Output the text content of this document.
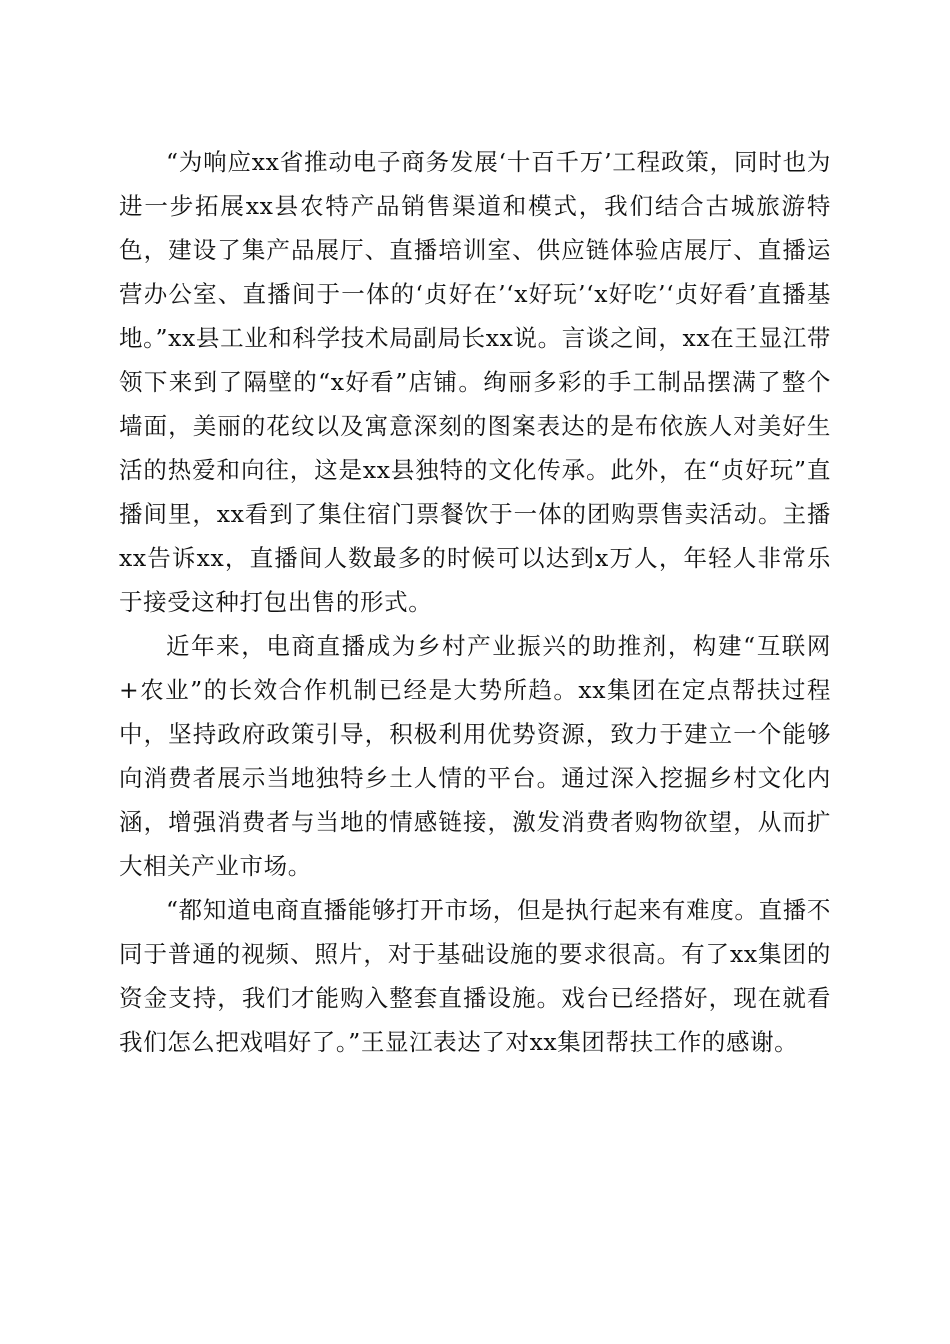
“为响应xx省推动电子商务发展‘十百千万’工程政策，同时也为进一步拓展xx县农特产品销售渠道和模式，我们结合古城旅游特色，建设了集产品展厅、直播培训室、供应链体验店展厅、直播运营办公室、直播间于一体的‘贞好在’‘x好玩’‘x好吃’‘贞好看’直播基地。”xx县工业和科学技术局副局长xx说。言谈之间，xx在王显江带领下来到了隔壁的“x好看”店铺。绚丽多彩的手工制品摆满了整个墙面，美丽的花纹以及寓意深刻的图案表达的是布依族人对美好生活的热爱和向往，这是xx县独特的文化传承。此外，在“贞好玩”直播间里，xx看到了集住宿门票餐饮于一体的团购票售卖活动。主播xx告诉xx，直播间人数最多的时候可以达到x万人，年轻人非常乐于接受这种打包出售的形式。

近年来，电商直播成为乡村产业振兴的助推剂，构建“互联网+农业”的长效合作机制已经是大势所趋。xx集团在定点帮扶过程中，坚持政府政策引导，积极利用优势资源，致力于建立一个能够向消费者展示当地独特乡土人情的平台。通过深入挖掘乡村文化内涵，增强消费者与当地的情感链接，激发消费者购物欲望，从而扩大相关产业市场。

“都知道电商直播能够打开市场，但是执行起来有难度。直播不同于普通的视频、照片，对于基础设施的要求很高。有了xx集团的资金支持，我们才能购入整套直播设施。戏台已经搭好，现在就看我们怎么把戏唱好了。”王显江表达了对xx集团帮扶工作的感谢。
